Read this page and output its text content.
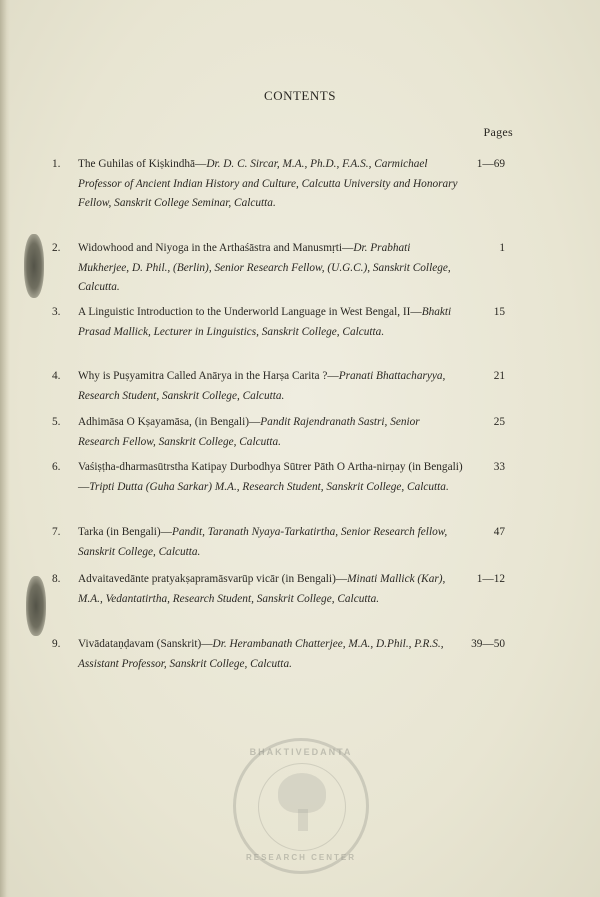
CONTENTS
Pages
1.	The Guhilas of Kiṣkindhā—Dr. D. C. Sircar, M.A., Ph.D., F.A.S., Carmichael Professor of Ancient Indian History and Culture, Calcutta University and Honorary Fellow, Sanskrit College Seminar, Calcutta.
1—69
2.	Widowhood and Niyoga in the Arthaśāstra and Manusmṛti—Dr. Prabhati Mukherjee, D. Phil., (Berlin), Senior Research Fellow, (U.G.C.), Sanskrit College, Calcutta.
1
3.	A Linguistic Introduction to the Underworld Language in West Bengal, II—Bhakti Prasad Mallick, Lecturer in Linguistics, Sanskrit College, Calcutta.
15
4.	Why is Puṣyamitra Called Anārya in the Harṣa Carita ?—Pranati Bhattacharyya, Research Student, Sanskrit College, Calcutta.
21
5.	Adhimāsa O Kṣayamāsa, (in Bengali)—Pandit Rajendranath Sastri, Senior Research Fellow, Sanskrit College, Calcutta.
25
6.	Vaśiṣṭha-dharmasūtrstha Katipay Durbodhya Sūtrer Pāth O Artha-nirṇay (in Bengali)—Tripti Dutta (Guha Sarkar) M.A., Research Student, Sanskrit College, Calcutta.
33
7.	Tarka (in Bengali)—Pandit, Taranath Nyaya-Tarkatirtha, Senior Research fellow, Sanskrit College, Calcutta.
47
8.	Advaitavedānte pratyakṣapramāsvarūp vicār (in Bengali)—Minati Mallick (Kar), M.A., Vedantatirtha, Research Student, Sanskrit College, Calcutta.
1—12
9.	Vivādataṇḍavam (Sanskrit)—Dr. Herambanath Chatterjee, M.A., D.Phil., P.R.S., Assistant Professor, Sanskrit College, Calcutta.
39—50
BHAKTIVEDANTA
RESEARCH CENTER
